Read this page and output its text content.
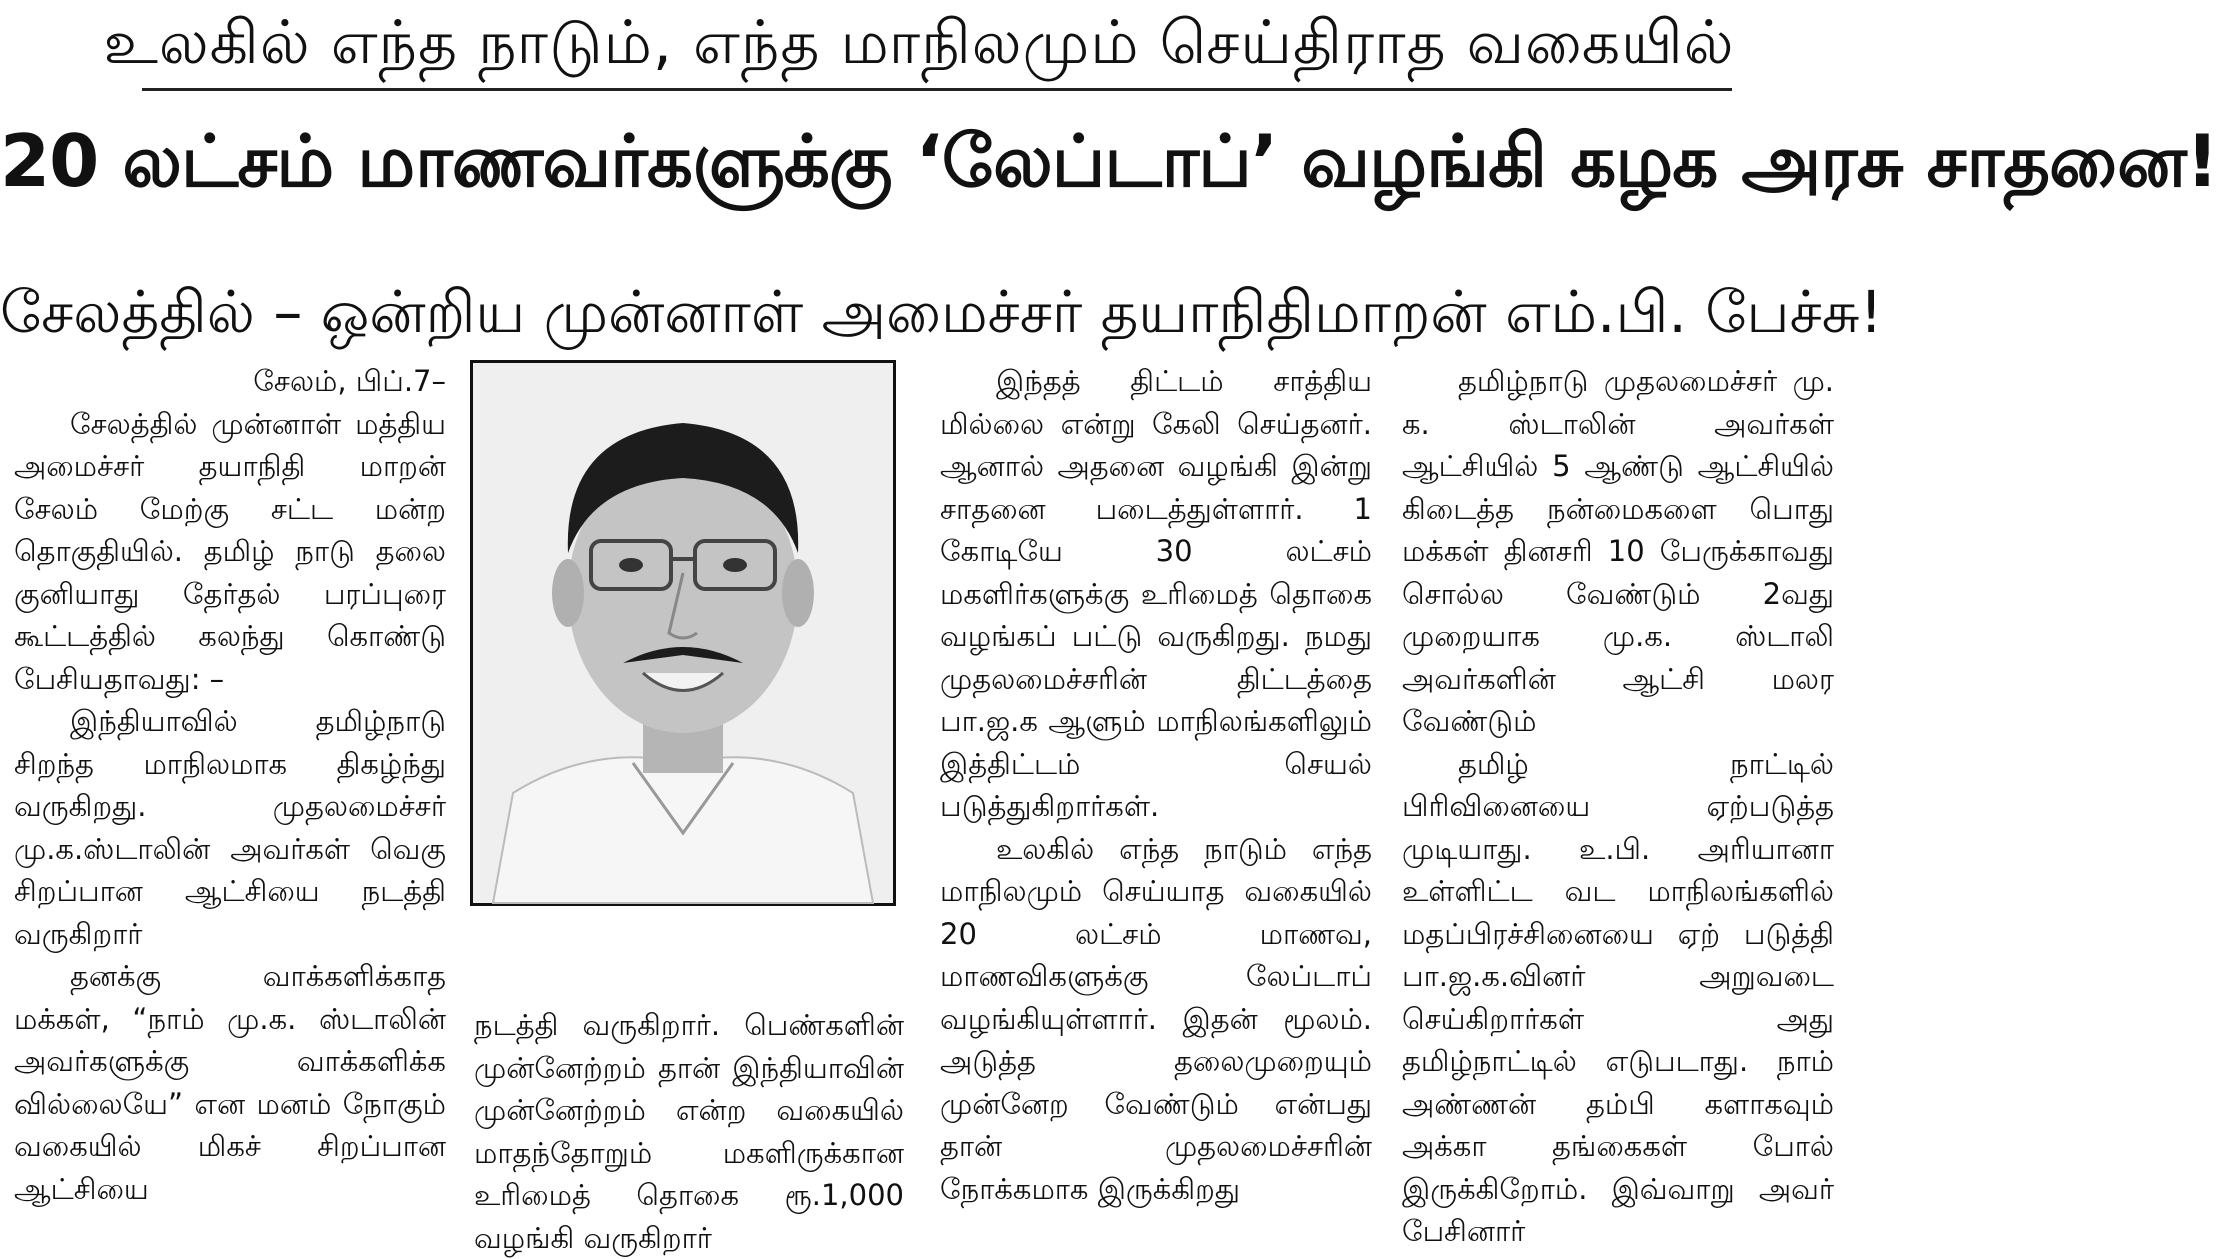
உலகில் எந்த நாடும், எந்த மாநிலமும் செய்திராத வகையில்
20 லட்சம் மாணவர்களுக்கு ‘லேப்டாப்’ வழங்கி கழக அரசு சாதனை!
சேலத்தில் – ஒன்றிய முன்னாள் அமைச்சர் தயாநிதிமாறன் எம்.பி. பேச்சு!

சேலம், பிப்.7–

சேலத்தில் முன்னாள் மத்திய அமைச்சர் தயாநிதி மாறன் சேலம் மேற்கு சட்ட மன்ற தொகுதியில். தமிழ் நாடு தலை குனியாது தேர்தல் பரப்புரை கூட்டத்தில் கலந்து கொண்டு பேசியதாவது: –

இந்தியாவில் தமிழ்நாடு சிறந்த மாநிலமாக திகழ்ந்து வருகிறது. முதலமைச்சர் மு.க.ஸ்டாலின் அவர்கள் வெகு சிறப்பான ஆட்சியை நடத்தி வருகிறார்

தனக்கு வாக்களிக்காத மக்கள், “நாம் மு.க. ஸ்டாலின் அவர்களுக்கு வாக்களிக்க வில்லையே” என மனம் நோகும் வகையில் மிகச் சிறப்பான ஆட்சியை

நடத்தி வருகிறார். பெண்களின் முன்னேற்றம் தான் இந்தியாவின் முன்னேற்றம் என்ற வகையில் மாதந்தோறும் மகளிருக்கான உரிமைத் தொகை ரூ.1,000 வழங்கி வருகிறார்

இந்தத் திட்டம் சாத்திய மில்லை என்று கேலி செய்தனர். ஆனால் அதனை வழங்கி இன்று சாதனை படைத்துள்ளார். 1 கோடியே 30 லட்சம் மகளிர்களுக்கு உரிமைத் தொகை வழங்கப் பட்டு வருகிறது. நமது முதலமைச்சரின் திட்டத்தை பா.ஜ.க ஆளும் மாநிலங்களிலும் இத்திட்டம் செயல் படுத்துகிறார்கள்.

உலகில் எந்த நாடும் எந்த மாநிலமும் செய்யாத வகையில் 20 லட்சம் மாணவ, மாணவிகளுக்கு லேப்டாப் வழங்கியுள்ளார். இதன் மூலம். அடுத்த தலைமுறையும் முன்னேற வேண்டும் என்பது தான் முதலமைச்சரின் நோக்கமாக இருக்கிறது

தமிழ்நாடு முதலமைச்சர் மு. க. ஸ்டாலின் அவர்கள் ஆட்சியில் 5 ஆண்டு ஆட்சியில் கிடைத்த நன்மைகளை பொது மக்கள் தினசரி 10 பேருக்காவது சொல்ல வேண்டும் 2வது முறையாக மு.க. ஸ்டாலி அவர்களின் ஆட்சி மலர வேண்டும்

தமிழ் நாட்டில் பிரிவினையை ஏற்படுத்த முடியாது. உ.பி. அரியானா உள்ளிட்ட வட மாநிலங்களில் மதப்பிரச்சினையை ஏற் படுத்தி பா.ஜ.க.வினர் அறுவடை செய்கிறார்கள் அது தமிழ்நாட்டில் எடுபடாது. நாம் அண்ணன் தம்பி களாகவும் அக்கா தங்கைகள் போல் இருக்கிறோம். இவ்வாறு அவர் பேசினார்
